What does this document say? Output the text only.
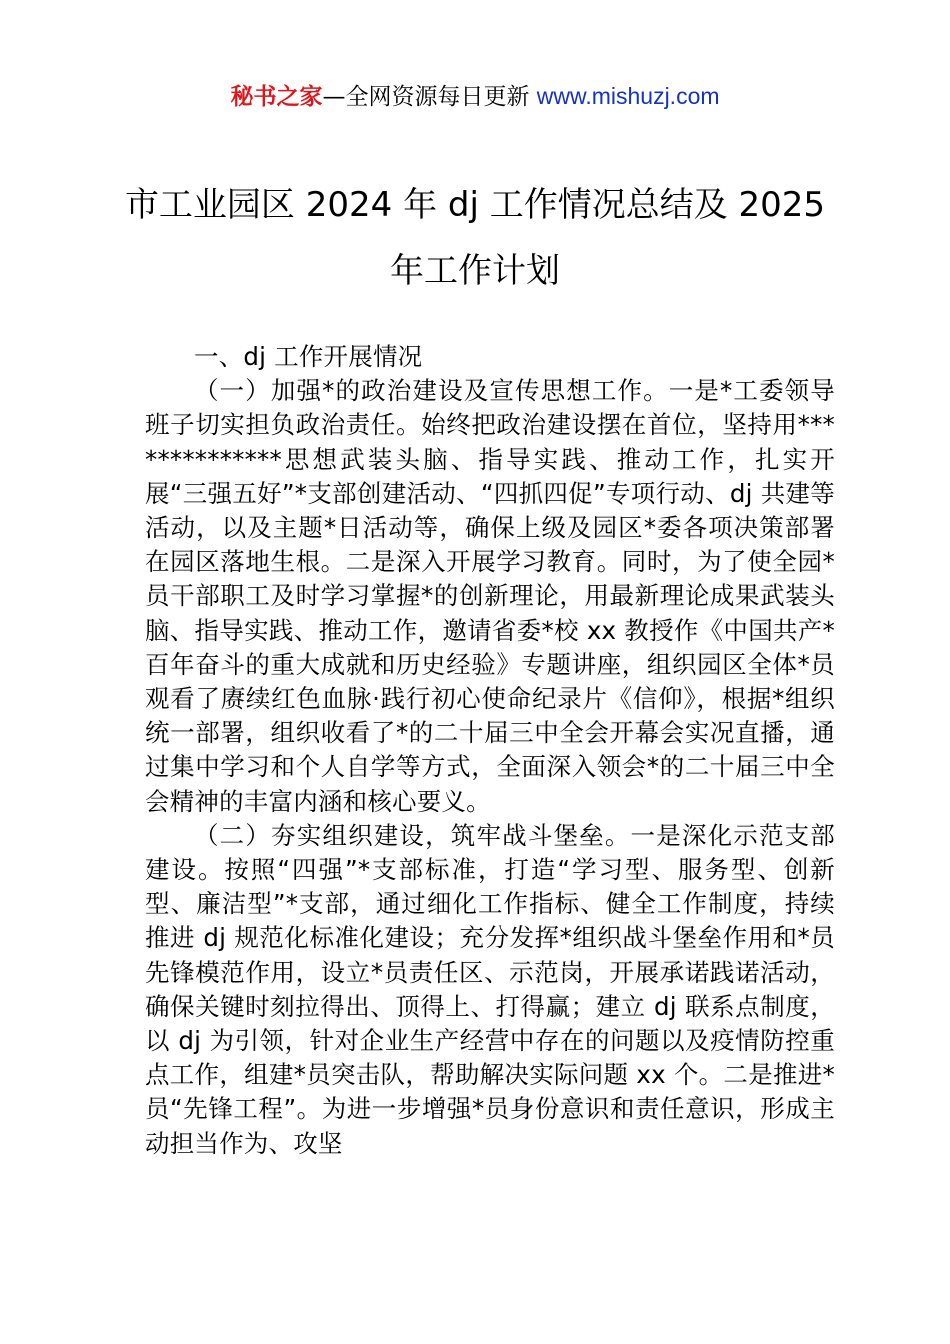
秘书之家—全网资源每日更新 www.mishuzj.com
市工业园区 2024 年 dj 工作情况总结及 2025
年工作计划

一、dj 工作开展情况

（一）加强*的政治建设及宣传思想工作。一是*工委领导班子切实担负政治责任。始终把政治建设摆在首位，坚持用**************思想武装头脑、指导实践、推动工作，扎实开展“三强五好”*支部创建活动、“四抓四促”专项行动、dj 共建等活动，以及主题*日活动等，确保上级及园区*委各项决策部署在园区落地生根。二是深入开展学习教育。同时，为了使全园*员干部职工及时学习掌握*的创新理论，用最新理论成果武装头脑、指导实践、推动工作，邀请省委*校 xx 教授作《中国共产*百年奋斗的重大成就和历史经验》专题讲座，组织园区全体*员观看了赓续红色血脉·践行初心使命纪录片《信仰》，根据*组织统一部署，组织收看了*的二十届三中全会开幕会实况直播，通过集中学习和个人自学等方式，全面深入领会*的二十届三中全会精神的丰富内涵和核心要义。

（二）夯实组织建设，筑牢战斗堡垒。一是深化示范支部建设。按照“四强”*支部标准，打造“学习型、服务型、创新型、廉洁型”*支部，通过细化工作指标、健全工作制度，持续推进 dj 规范化标准化建设；充分发挥*组织战斗堡垒作用和*员先锋模范作用，设立*员责任区、示范岗，开展承诺践诺活动，确保关键时刻拉得出、顶得上、打得赢；建立 dj 联系点制度，以 dj 为引领，针对企业生产经营中存在的问题以及疫情防控重点工作，组建*员突击队，帮助解决实际问题 xx 个。二是推进*员“先锋工程”。为进一步增强*员身份意识和责任意识，形成主动担当作为、攻坚
